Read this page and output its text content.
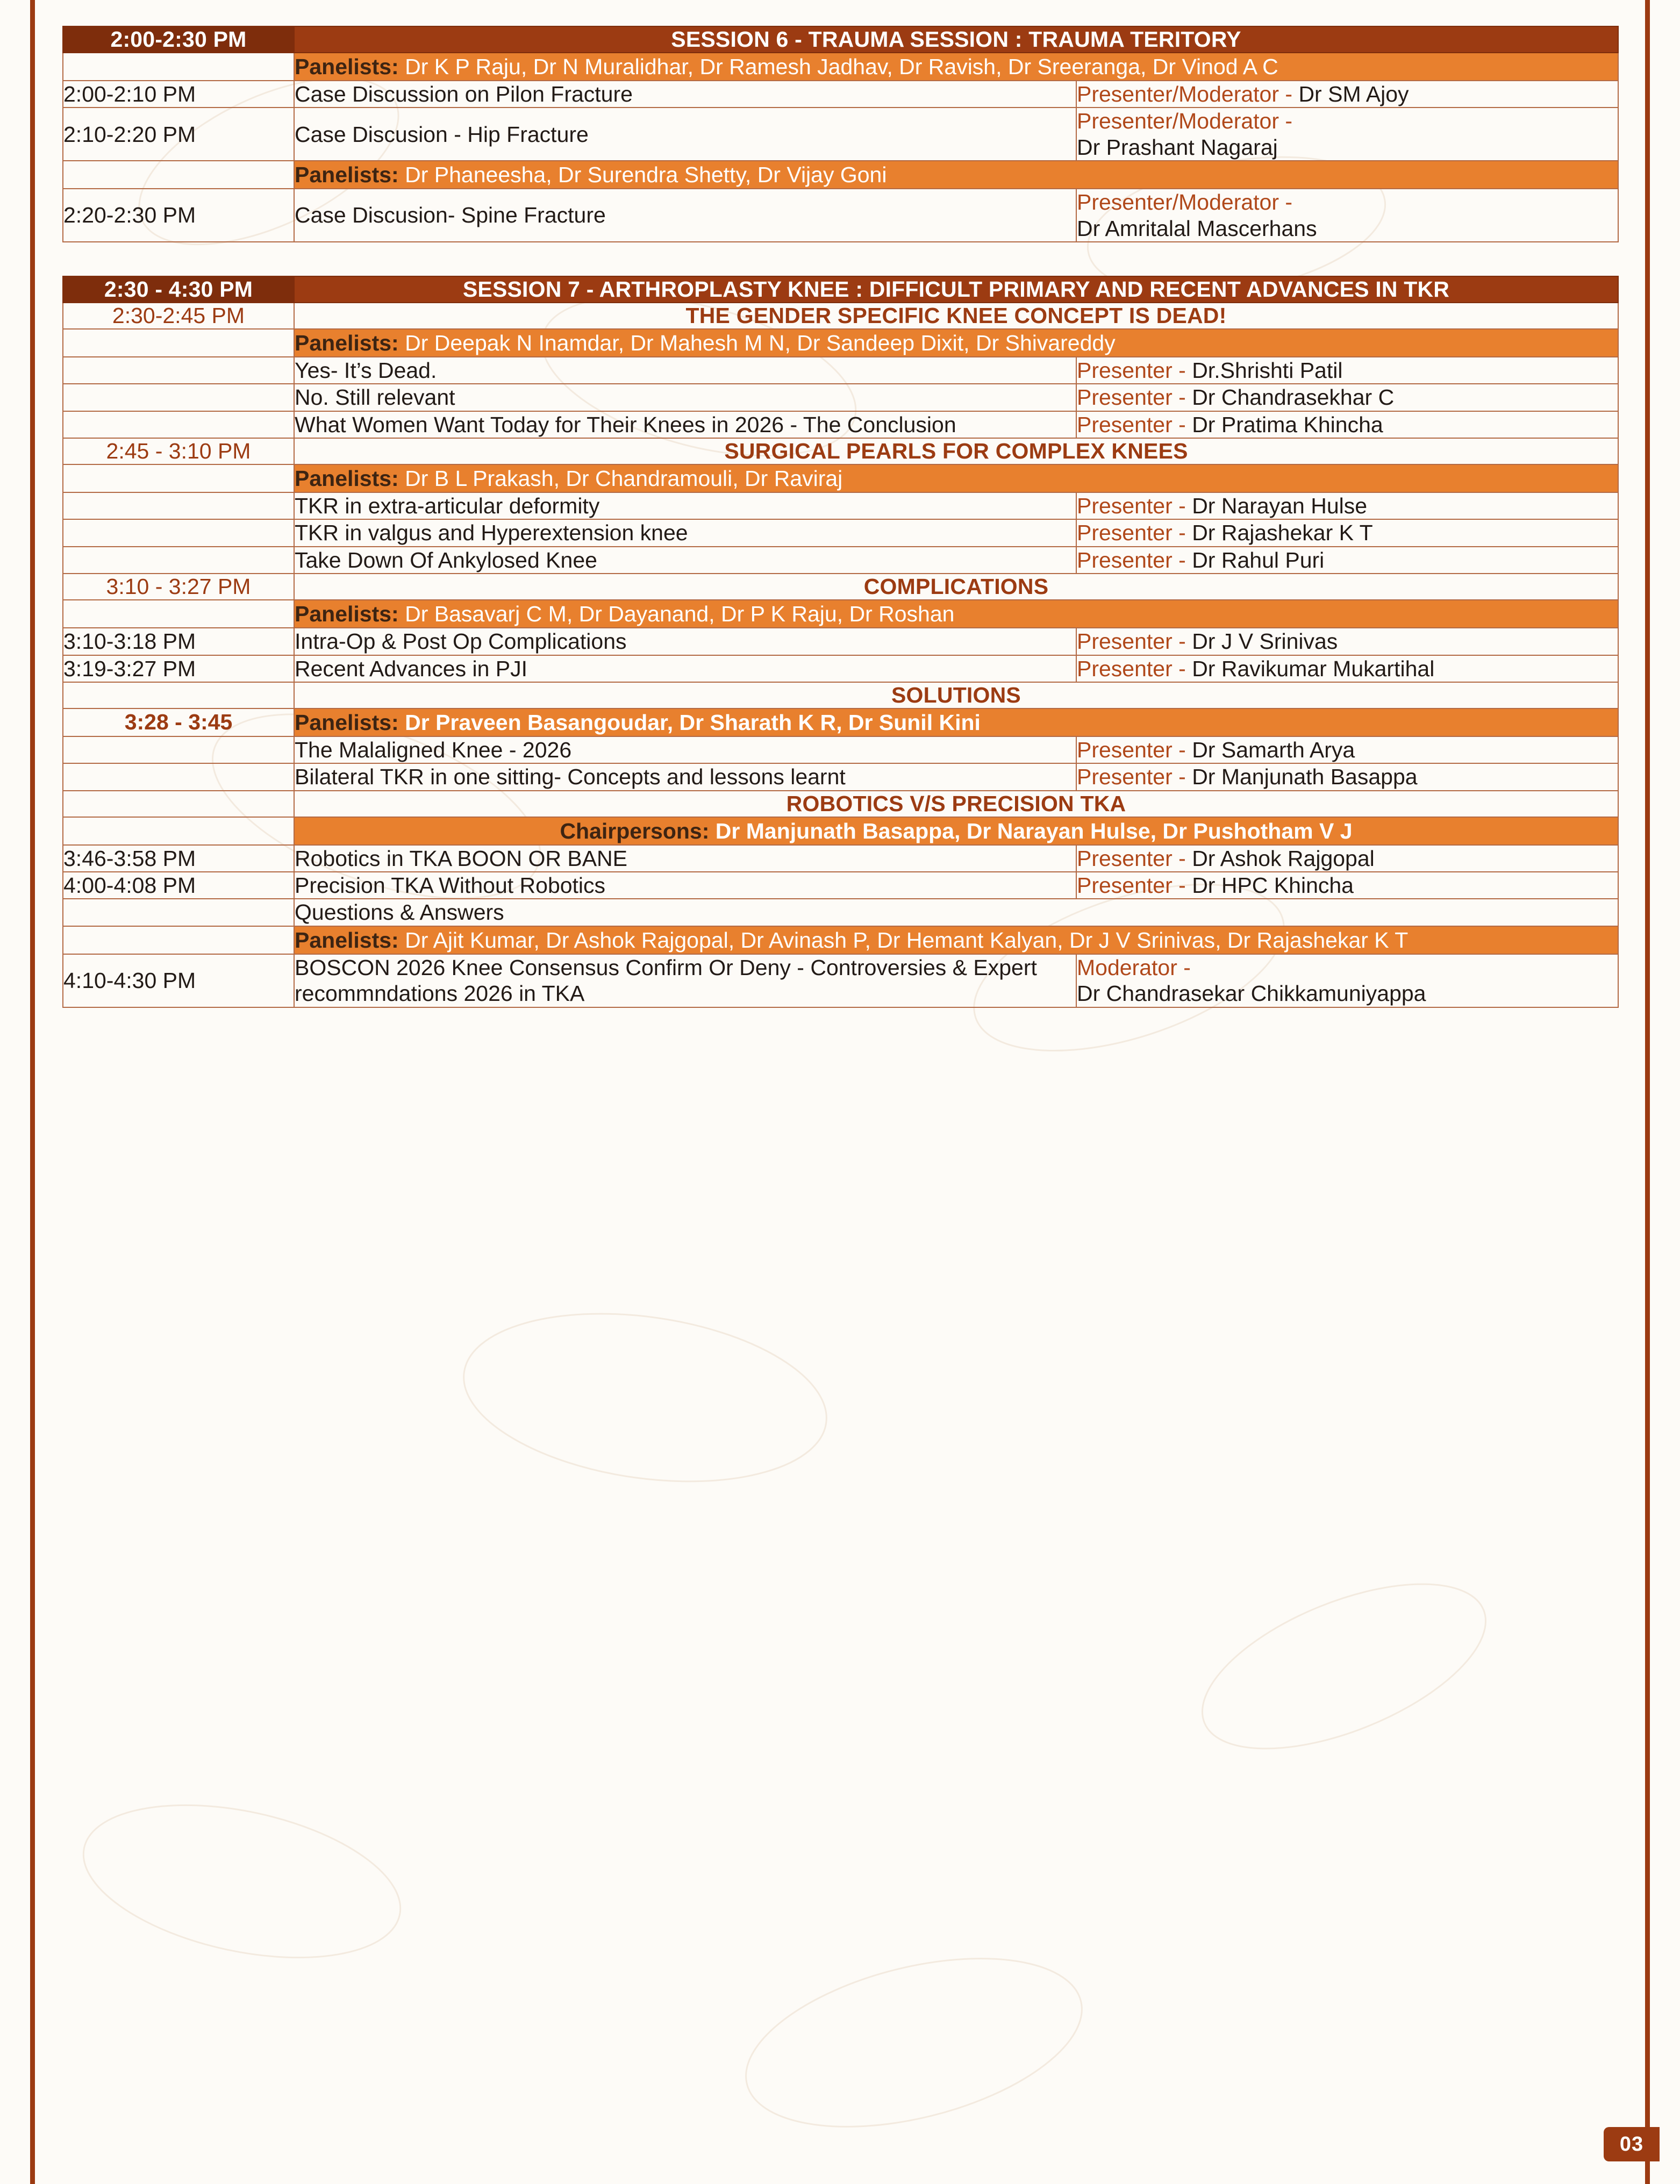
2:00-2:30 PM	SESSION 6 - TRAUMA SESSION : TRAUMA TERITORY	
	Panelists: Dr K P Raju, Dr N Muralidhar, Dr Ramesh Jadhav, Dr Ravish, Dr Sreeranga, Dr Vinod A C	
2:00-2:10 PM	Case Discussion on Pilon Fracture	Presenter/Moderator - Dr SM Ajoy
2:10-2:20 PM	Case Discusion - Hip Fracture	Presenter/Moderator -
Dr Prashant Nagaraj
	Panelists: Dr Phaneesha, Dr Surendra Shetty, Dr Vijay Goni	
2:20-2:30 PM	Case Discusion- Spine Fracture	Presenter/Moderator -
Dr Amritalal Mascerhans
2:30 - 4:30 PM	SESSION 7 - ARTHROPLASTY KNEE : DIFFICULT PRIMARY AND RECENT ADVANCES IN TKR	
2:30-2:45 PM	THE GENDER SPECIFIC KNEE CONCEPT IS DEAD!	
	Panelists: Dr Deepak N Inamdar, Dr Mahesh M N, Dr Sandeep Dixit, Dr Shivareddy	
	Yes- It’s Dead.	Presenter - Dr.Shrishti Patil
	No. Still relevant	Presenter - Dr Chandrasekhar C
	What Women Want Today for Their Knees in 2026 - The Conclusion	Presenter - Dr Pratima Khincha
2:45 - 3:10 PM	SURGICAL PEARLS FOR COMPLEX KNEES	
	Panelists: Dr B L Prakash, Dr Chandramouli, Dr Raviraj	
	TKR in extra-articular deformity	Presenter - Dr Narayan Hulse
	TKR in valgus and Hyperextension knee	Presenter - Dr Rajashekar K T
	Take Down Of Ankylosed Knee	Presenter - Dr Rahul Puri
3:10 - 3:27 PM	COMPLICATIONS	
	Panelists: Dr Basavarj C M, Dr Dayanand, Dr P K Raju, Dr Roshan	
3:10-3:18 PM	Intra-Op & Post Op Complications	Presenter - Dr J V Srinivas
3:19-3:27 PM	Recent Advances in PJI	Presenter - Dr Ravikumar Mukartihal
	SOLUTIONS	
3:28 - 3:45	Panelists: Dr Praveen Basangoudar, Dr Sharath K R, Dr Sunil Kini	
	The Malaligned Knee - 2026	Presenter - Dr Samarth Arya
	Bilateral TKR in one sitting- Concepts and lessons learnt	Presenter - Dr Manjunath Basappa
	ROBOTICS V/S PRECISION TKA	
	Chairpersons: Dr Manjunath Basappa, Dr Narayan Hulse, Dr Pushotham V J	
3:46-3:58 PM	Robotics in TKA BOON OR BANE	Presenter - Dr Ashok Rajgopal
4:00-4:08 PM	Precision TKA Without Robotics	Presenter - Dr HPC Khincha
	Questions & Answers	
	Panelists: Dr Ajit Kumar, Dr Ashok Rajgopal, Dr Avinash P, Dr Hemant Kalyan, Dr J V Srinivas, Dr Rajashekar K T	
4:10-4:30 PM	BOSCON 2026 Knee Consensus Confirm Or Deny - Controversies & Expert recommndations 2026 in TKA	Moderator -
Dr Chandrasekar Chikkamuniyappa
03
